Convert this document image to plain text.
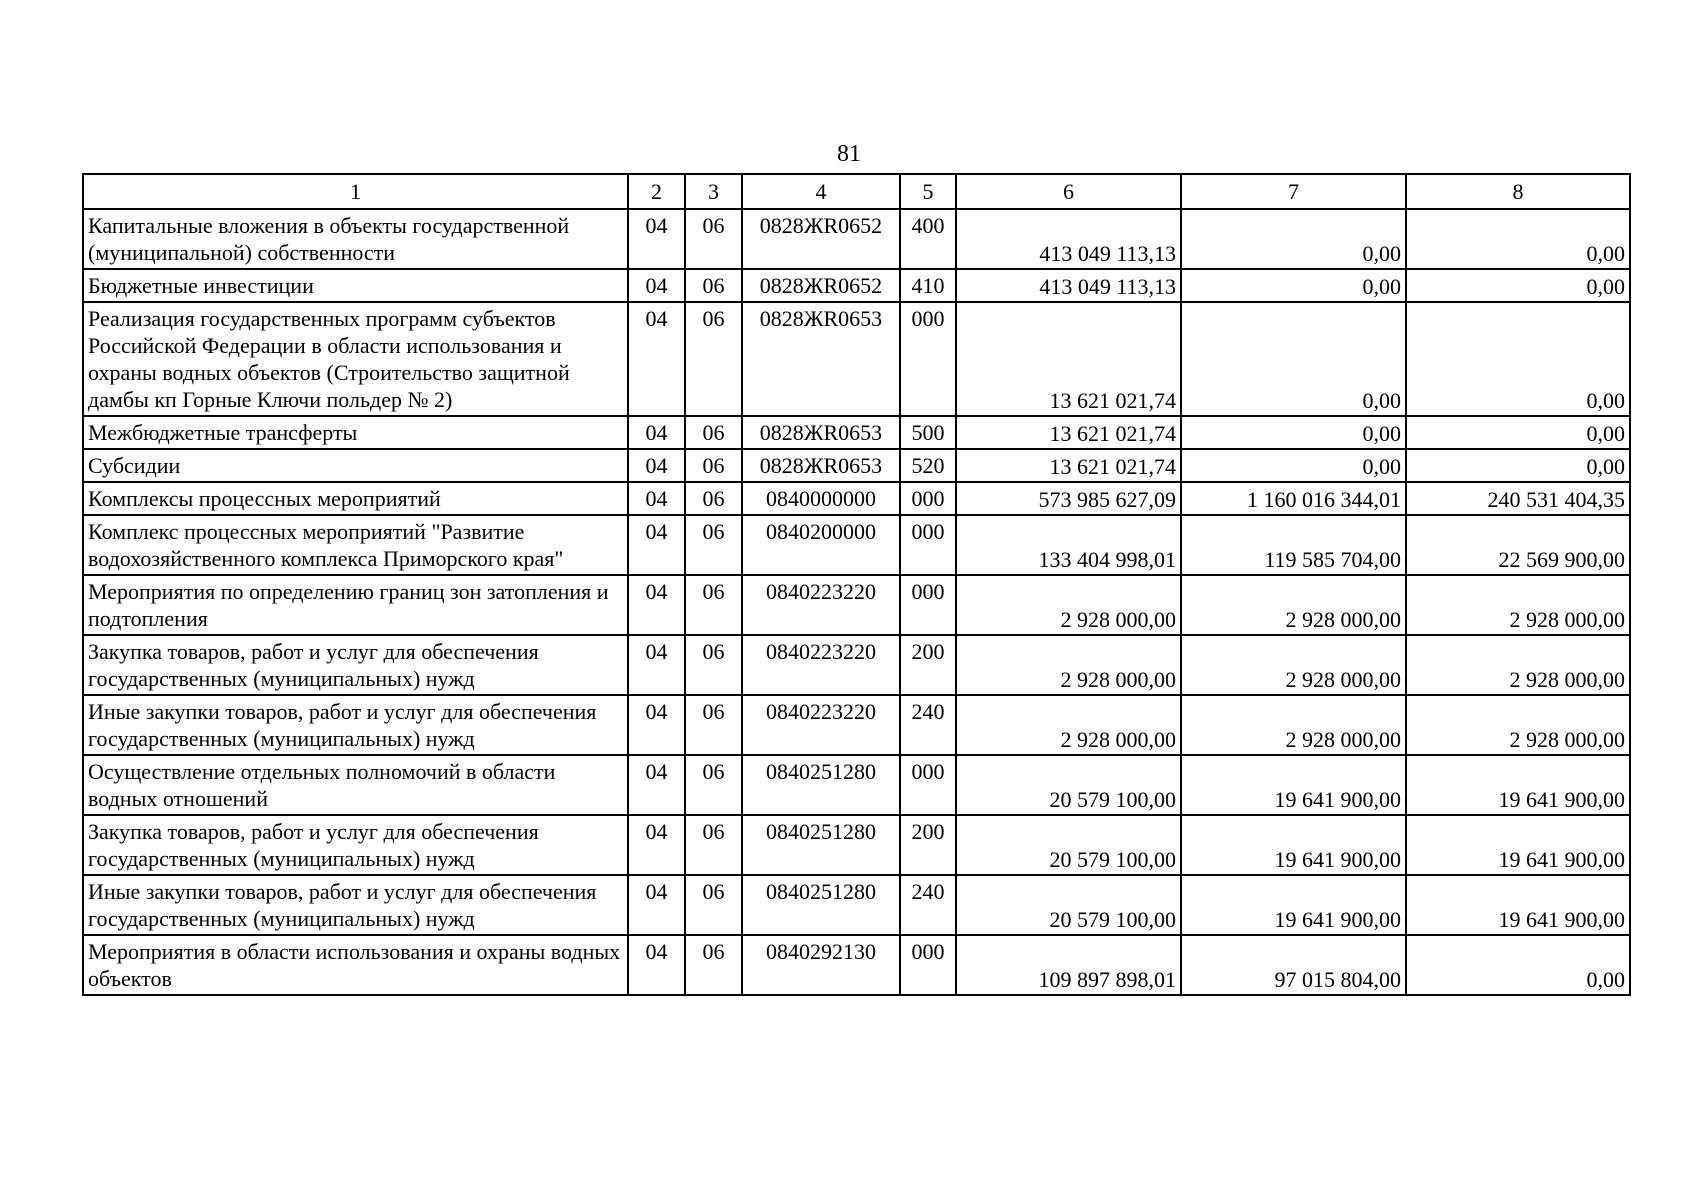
81
1	2	3	4	5	6	7	8
Капитальные вложения в объекты государственной (муниципальной) собственности	04	06	0828ЖR0652	400	413 049 113,13	0,00	0,00
Бюджетные инвестиции	04	06	0828ЖR0652	410	413 049 113,13	0,00	0,00
Реализация государственных программ субъектов Российской Федерации в области использования и охраны водных объектов (Строительство защитной дамбы кп Горные Ключи польдер № 2)	04	06	0828ЖR0653	000	13 621 021,74	0,00	0,00
Межбюджетные трансферты	04	06	0828ЖR0653	500	13 621 021,74	0,00	0,00
Субсидии	04	06	0828ЖR0653	520	13 621 021,74	0,00	0,00
Комплексы процессных мероприятий	04	06	0840000000	000	573 985 627,09	1 160 016 344,01	240 531 404,35
Комплекс процессных мероприятий "Развитие водохозяйственного комплекса Приморского края"	04	06	0840200000	000	133 404 998,01	119 585 704,00	22 569 900,00
Мероприятия по определению границ зон затопления и подтопления	04	06	0840223220	000	2 928 000,00	2 928 000,00	2 928 000,00
Закупка товаров, работ и услуг для обеспечения государственных (муниципальных) нужд	04	06	0840223220	200	2 928 000,00	2 928 000,00	2 928 000,00
Иные закупки товаров, работ и услуг для обеспечения государственных (муниципальных) нужд	04	06	0840223220	240	2 928 000,00	2 928 000,00	2 928 000,00
Осуществление отдельных полномочий в области водных отношений	04	06	0840251280	000	20 579 100,00	19 641 900,00	19 641 900,00
Закупка товаров, работ и услуг для обеспечения государственных (муниципальных) нужд	04	06	0840251280	200	20 579 100,00	19 641 900,00	19 641 900,00
Иные закупки товаров, работ и услуг для обеспечения государственных (муниципальных) нужд	04	06	0840251280	240	20 579 100,00	19 641 900,00	19 641 900,00
Мероприятия в области использования и охраны водных объектов	04	06	0840292130	000	109 897 898,01	97 015 804,00	0,00
